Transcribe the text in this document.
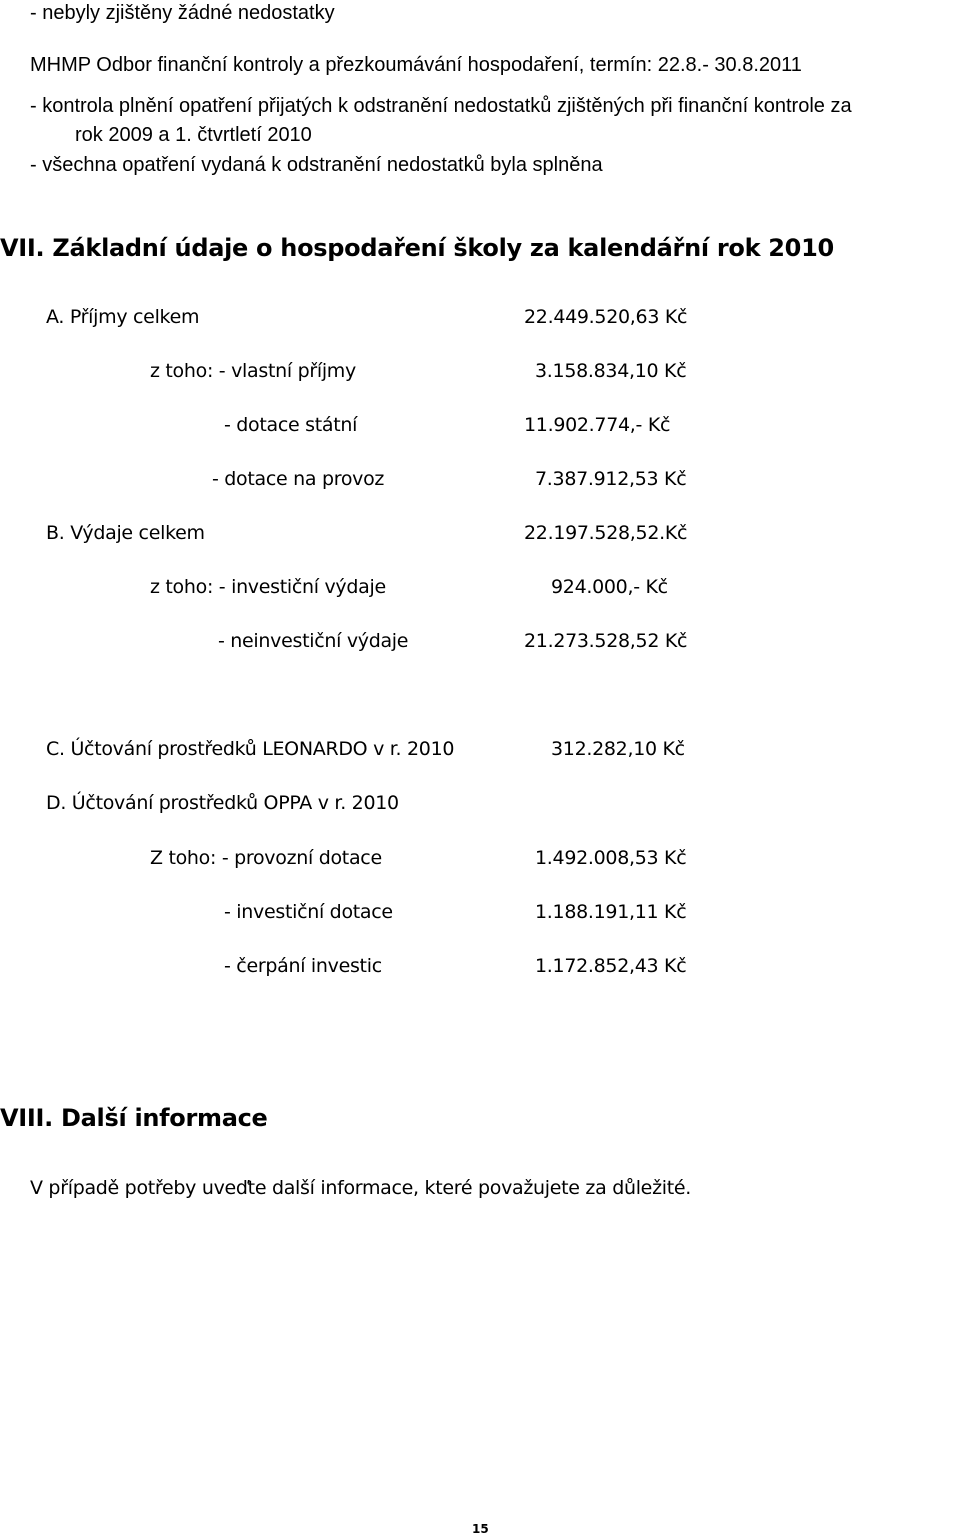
- nebyly zjištěny žádné nedostatky
MHMP Odbor finanční kontroly a přezkoumávání hospodaření, termín: 22.8.- 30.8.2011
- kontrola plnění opatření přijatých k odstranění nedostatků zjištěných při finanční kontrole za
rok 2009 a 1. čtvrtletí 2010
- všechna opatření vydaná k odstranění nedostatků byla splněna
VII. Základní údaje o hospodaření školy za kalendářní rok 2010
A. Příjmy celkem	22.449.520,63 Kč
z toho: - vlastní příjmy	3.158.834,10 Kč
- dotace státní	11.902.774,- Kč
- dotace na provoz	7.387.912,53 Kč
B. Výdaje celkem	22.197.528,52.Kč
z toho: - investiční výdaje	924.000,- Kč
- neinvestiční výdaje	21.273.528,52 Kč
C. Účtování prostředků LEONARDO v r. 2010	312.282,10 Kč
D. Účtování prostředků OPPA v r. 2010
Z toho: - provozní dotace	1.492.008,53 Kč
- investiční dotace	1.188.191,11 Kč
- čerpání investic	1.172.852,43 Kč
VIII. Další informace
V případě potřeby uveďte další informace, které považujete za důležité.
15
